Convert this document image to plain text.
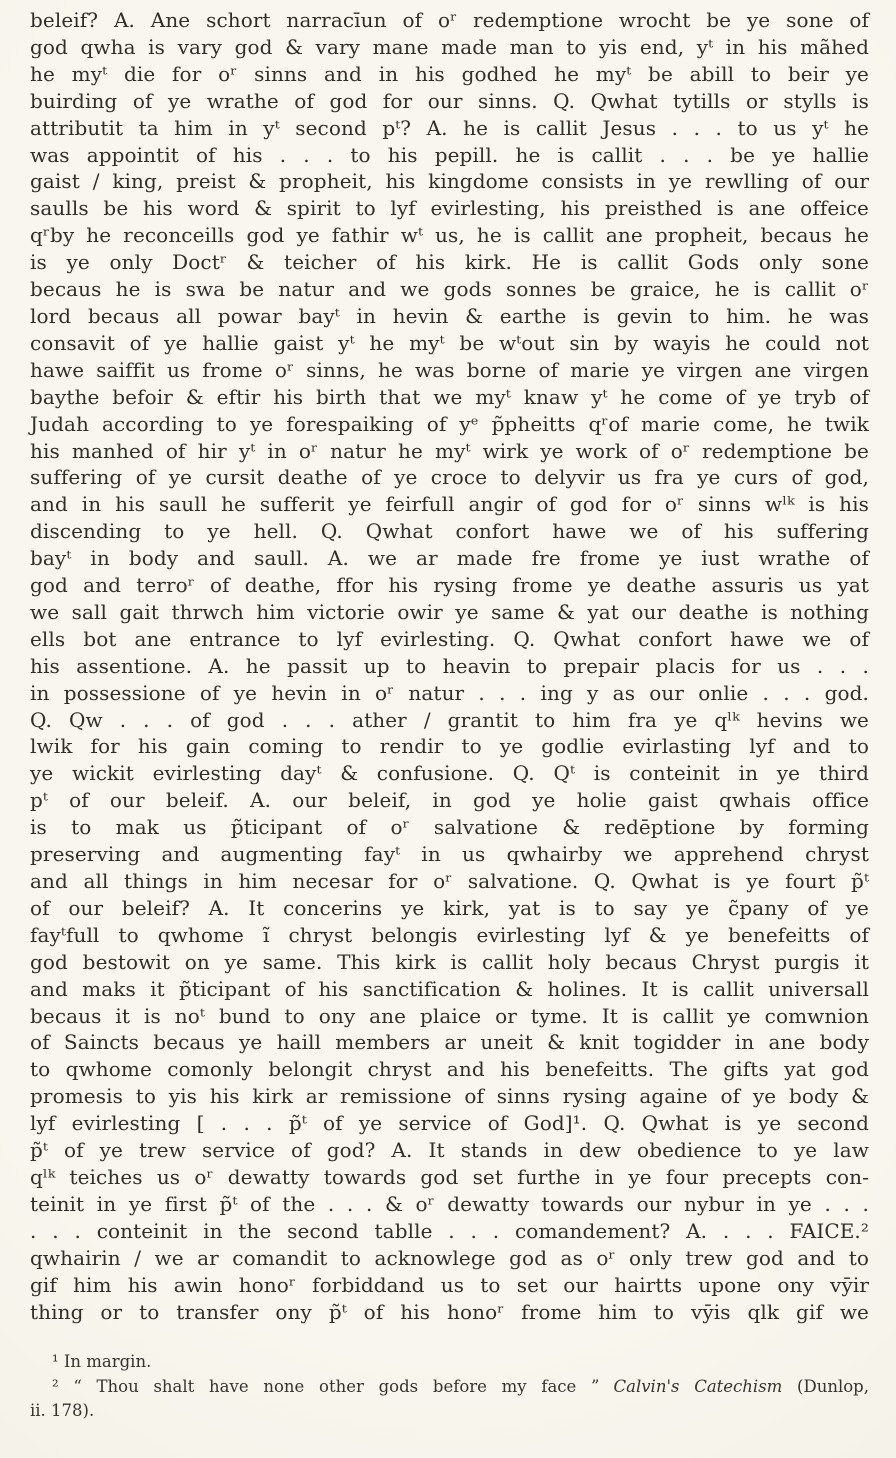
beleif? A. Ane schort narracīun of oʳ redemptione wrocht be ye sone of
god qwha is vary god & vary mane made man to yis end, yᵗ in his mãhed
he myᵗ die for oʳ sinns and in his godhed he myᵗ be abill to beir ye
buirding of ye wrathe of god for our sinns. Q. Qwhat tytills or stylls is
attributit ta him in yᵗ second pᵗ? A. he is callit Jesus . . . to us yᵗ he
was appointit of his . . . to his pepill. he is callit . . . be ye hallie
gaist / king, preist & propheit, his kingdome consists in ye rewlling of our
saulls be his word & spirit to lyf evirlesting, his preisthed is ane offeice
qʳby he reconceills god ye fathir wᵗ us, he is callit ane propheit, becaus he
is ye only Doctʳ & teicher of his kirk. He is callit Gods only sone
becaus he is swa be natur and we gods sonnes be graice, he is callit oʳ
lord becaus all powar bayᵗ in hevin & earthe is gevin to him. he was
consavit of ye hallie gaist yᵗ he myᵗ be wᵗout sin by wayis he could not
hawe saiffit us frome oʳ sinns, he was borne of marie ye virgen ane virgen
baythe befoir & eftir his birth that we myᵗ knaw yᵗ he come of ye tryb of
Judah according to ye forespaiking of yᵉ p̃pheitts qʳof marie come, he twik
his manhed of hir yᵗ in oʳ natur he myᵗ wirk ye work of oʳ redemptione be
suffering of ye cursit deathe of ye croce to delyvir us fra ye curs of god,
and in his saull he sufferit ye feirfull angir of god for oʳ sinns wˡᵏ is his
discending to ye hell. Q. Qwhat confort hawe we of his suffering
bayᵗ in body and saull. A. we ar made fre frome ye iust wrathe of
god and terroʳ of deathe, ffor his rysing frome ye deathe assuris us yat
we sall gait thrwch him victorie owir ye same & yat our deathe is nothing
ells bot ane entrance to lyf evirlesting. Q. Qwhat confort hawe we of
his assentione. A. he passit up to heavin to prepair placis for us . . .
in possessione of ye hevin in oʳ natur . . . ing y as our onlie . . . god.
Q. Qw . . . of god . . . ather / grantit to him fra ye qˡᵏ hevins we
lwik for his gain coming to rendir to ye godlie evirlasting lyf and to
ye wickit evirlesting dayᵗ & confusione. Q. Qᵗ is conteinit in ye third
pᵗ of our beleif. A. our beleif, in god ye holie gaist qwhais office
is to mak us p̃ticipant of oʳ salvatione & redēptione by forming
preserving and augmenting fayᵗ in us qwhairby we apprehend chryst
and all things in him necesar for oʳ salvatione. Q. Qwhat is ye fourt p̃ᵗ
of our beleif? A. It concerins ye kirk, yat is to say ye c̃pany of ye
fayᵗfull to qwhome ĩ chryst belongis evirlesting lyf & ye benefeitts of
god bestowit on ye same. This kirk is callit holy becaus Chryst purgis it
and maks it p̃ticipant of his sanctification & holines. It is callit universall
becaus it is noᵗ bund to ony ane plaice or tyme. It is callit ye comwnion
of Saincts becaus ye haill members ar uneit & knit togidder in ane body
to qwhome comonly belongit chryst and his benefeitts. The gifts yat god
promesis to yis his kirk ar remissione of sinns rysing againe of ye body &
lyf evirlesting [ . . . p̃ᵗ of ye service of God]¹. Q. Qwhat is ye second
p̃ᵗ of ye trew service of god? A. It stands in dew obedience to ye law
qˡᵏ teiches us oʳ dewatty towards god set furthe in ye four precepts con-
teinit in ye first p̃ᵗ of the . . . & oʳ dewatty towards our nybur in ye . . .
. . . conteinit in the second tablle . . . comandement? A. . . . FAICE.²
qwhairin / we ar comandit to acknowlege god as oʳ only trew god and to
gif him his awin honoʳ forbiddand us to set our hairtts upone ony vȳir
thing or to transfer ony p̃ᵗ of his honoʳ frome him to vȳis qlk gif we
¹ In margin.
² “ Thou shalt have none other gods before my face ” Calvin's Catechism (Dunlop,
ii. 178).
